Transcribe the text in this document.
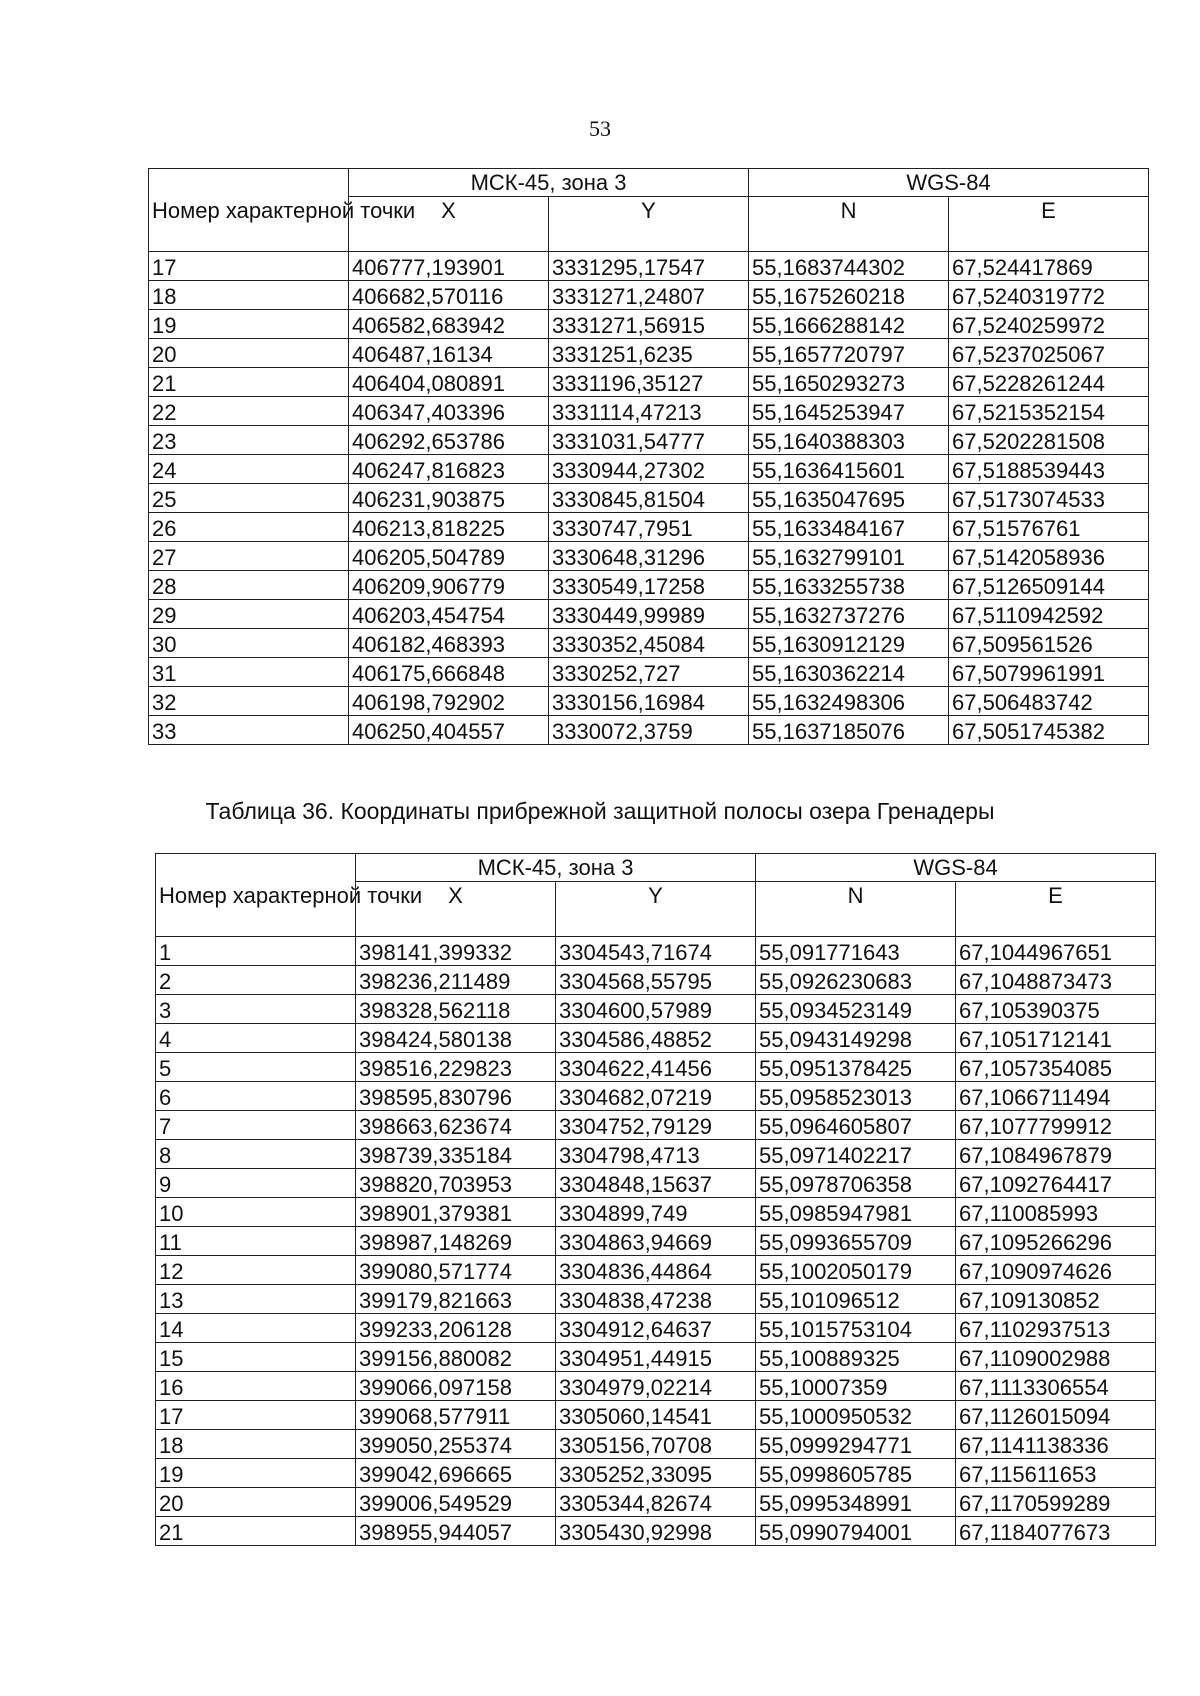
53
Номер характерной точки	МСК-45, зона 3		WGS-84	
	X	Y	N	E
17	406777,193901	3331295,17547	55,1683744302	67,524417869
18	406682,570116	3331271,24807	55,1675260218	67,5240319772
19	406582,683942	3331271,56915	55,1666288142	67,5240259972
20	406487,16134	3331251,6235	55,1657720797	67,5237025067
21	406404,080891	3331196,35127	55,1650293273	67,5228261244
22	406347,403396	3331114,47213	55,1645253947	67,5215352154
23	406292,653786	3331031,54777	55,1640388303	67,5202281508
24	406247,816823	3330944,27302	55,1636415601	67,5188539443
25	406231,903875	3330845,81504	55,1635047695	67,5173074533
26	406213,818225	3330747,7951	55,1633484167	67,51576761
27	406205,504789	3330648,31296	55,1632799101	67,5142058936
28	406209,906779	3330549,17258	55,1633255738	67,5126509144
29	406203,454754	3330449,99989	55,1632737276	67,5110942592
30	406182,468393	3330352,45084	55,1630912129	67,509561526
31	406175,666848	3330252,727	55,1630362214	67,5079961991
32	406198,792902	3330156,16984	55,1632498306	67,506483742
33	406250,404557	3330072,3759	55,1637185076	67,5051745382
Таблица 36. Координаты прибрежной защитной полосы озера Гренадеры
Номер характерной точки	МСК-45, зона 3		WGS-84	
	X	Y	N	E
1	398141,399332	3304543,71674	55,091771643	67,1044967651
2	398236,211489	3304568,55795	55,0926230683	67,1048873473
3	398328,562118	3304600,57989	55,0934523149	67,105390375
4	398424,580138	3304586,48852	55,0943149298	67,1051712141
5	398516,229823	3304622,41456	55,0951378425	67,1057354085
6	398595,830796	3304682,07219	55,0958523013	67,1066711494
7	398663,623674	3304752,79129	55,0964605807	67,1077799912
8	398739,335184	3304798,4713	55,0971402217	67,1084967879
9	398820,703953	3304848,15637	55,0978706358	67,1092764417
10	398901,379381	3304899,749	55,0985947981	67,110085993
11	398987,148269	3304863,94669	55,0993655709	67,1095266296
12	399080,571774	3304836,44864	55,1002050179	67,1090974626
13	399179,821663	3304838,47238	55,101096512	67,109130852
14	399233,206128	3304912,64637	55,1015753104	67,1102937513
15	399156,880082	3304951,44915	55,100889325	67,1109002988
16	399066,097158	3304979,02214	55,10007359	67,1113306554
17	399068,577911	3305060,14541	55,1000950532	67,1126015094
18	399050,255374	3305156,70708	55,0999294771	67,1141138336
19	399042,696665	3305252,33095	55,0998605785	67,115611653
20	399006,549529	3305344,82674	55,0995348991	67,1170599289
21	398955,944057	3305430,92998	55,0990794001	67,1184077673
